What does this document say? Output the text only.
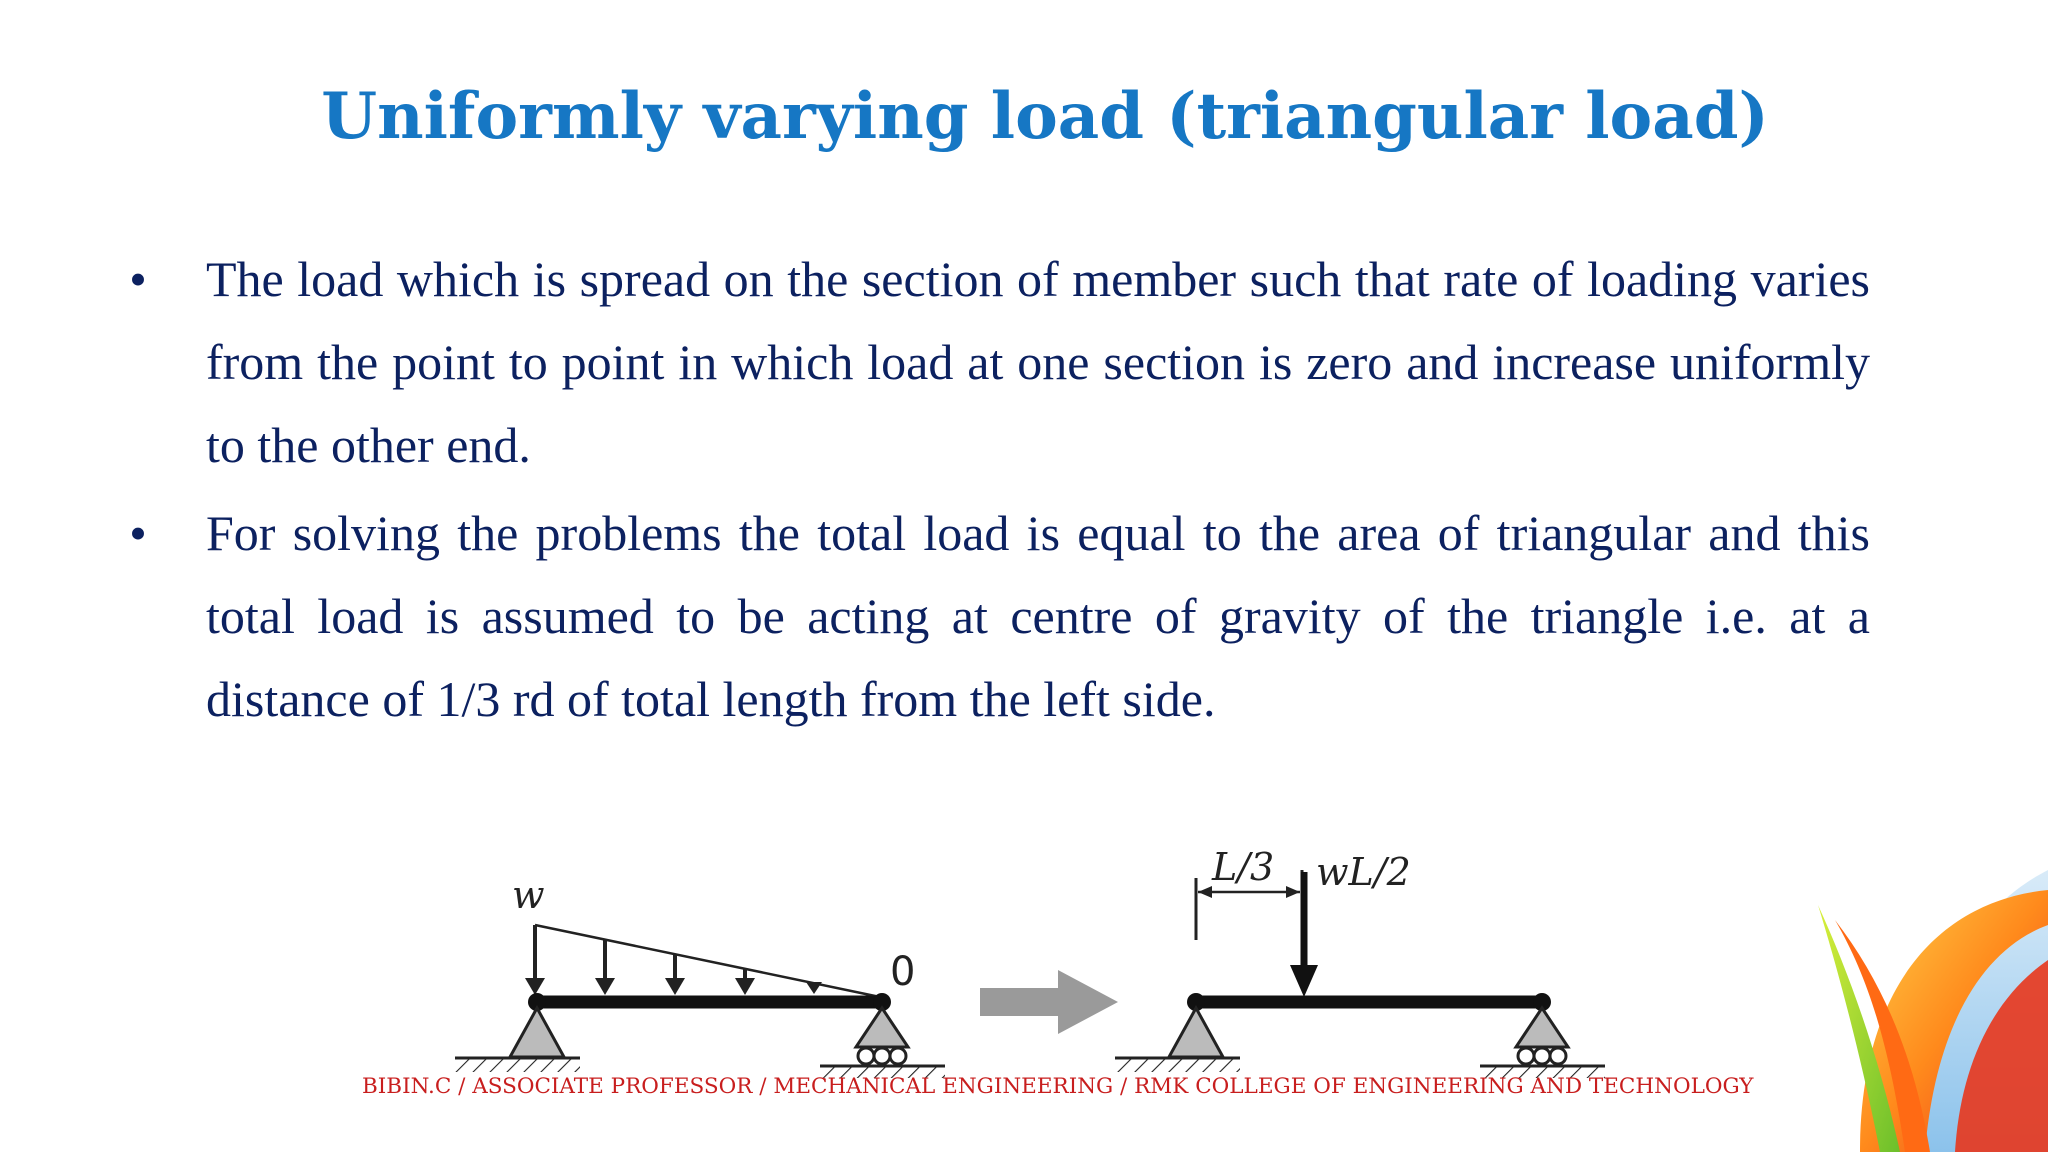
Uniformly varying load (triangular load)
• The load which is spread on the section of member such that rate of loading varies from the point to point in which load at one section is zero and increase uniformly to the other end.
• For solving the problems the total load is equal to the area of triangular and this total load is assumed to be acting at centre of gravity of the triangle i.e. at a distance of 1/3 rd of total length from the left side.
w
0
L/3 wL/2
BIBIN.C / ASSOCIATE PROFESSOR / MECHANICAL ENGINEERING / RMK COLLEGE OF ENGINEERING AND TECHNOLOGY
